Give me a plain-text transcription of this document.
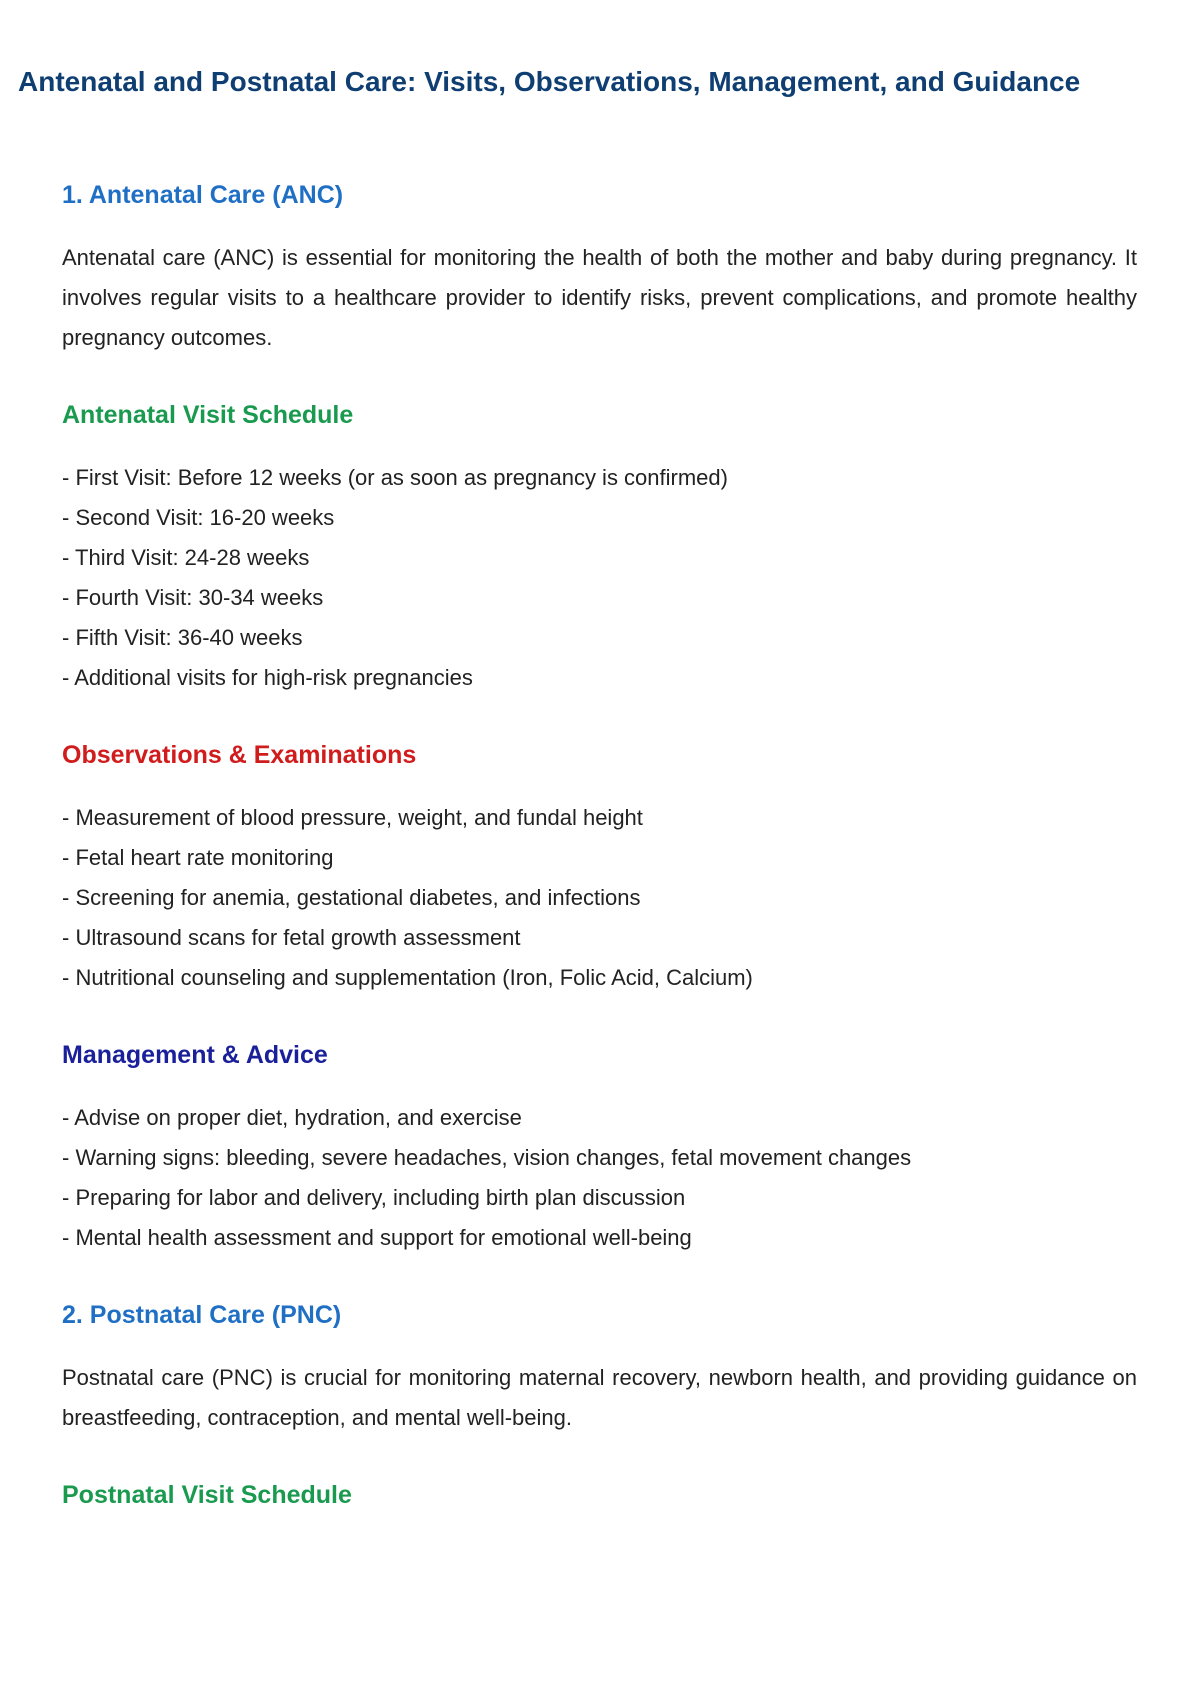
Antenatal and Postnatal Care: Visits, Observations, Management, and Guidance
1. Antenatal Care (ANC)

Antenatal care (ANC) is essential for monitoring the health of both the mother and baby during pregnancy. It involves regular visits to a healthcare provider to identify risks, prevent complications, and promote healthy pregnancy outcomes.

Antenatal Visit Schedule
- First Visit: Before 12 weeks (or as soon as pregnancy is confirmed)
- Second Visit: 16-20 weeks
- Third Visit: 24-28 weeks
- Fourth Visit: 30-34 weeks
- Fifth Visit: 36-40 weeks
- Additional visits for high-risk pregnancies
Observations & Examinations
- Measurement of blood pressure, weight, and fundal height
- Fetal heart rate monitoring
- Screening for anemia, gestational diabetes, and infections
- Ultrasound scans for fetal growth assessment
- Nutritional counseling and supplementation (Iron, Folic Acid, Calcium)
Management & Advice
- Advise on proper diet, hydration, and exercise
- Warning signs: bleeding, severe headaches, vision changes, fetal movement changes
- Preparing for labor and delivery, including birth plan discussion
- Mental health assessment and support for emotional well-being
2. Postnatal Care (PNC)

Postnatal care (PNC) is crucial for monitoring maternal recovery, newborn health, and providing guidance on breastfeeding, contraception, and mental well-being.

Postnatal Visit Schedule
